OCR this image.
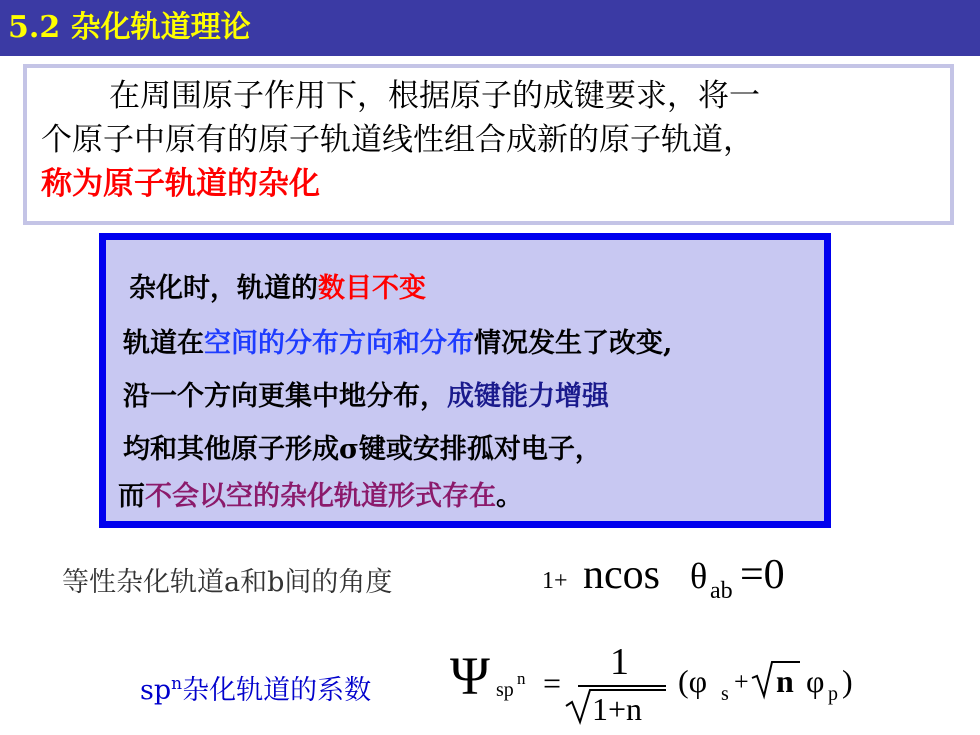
5.2 杂化轨道理论
在周围原子作用下，根据原子的成键要求，将一
个原子中原有的原子轨道线性组合成新的原子轨道，
称为原子轨道的杂化
杂化时，轨道的数目不变
轨道在空间的分布方向和分布情况发生了改变,
沿一个方向更集中地分布，成键能力增强
均和其他原子形成σ键或安排孤对电子，
而不会以空的杂化轨道形式存在。
等性杂化轨道a和b间的角度	1+ ncos θ ab =0
$sp^n$杂化轨道的系数 Ψ sp
n = 1
1+n
(φ s + n φ p )
